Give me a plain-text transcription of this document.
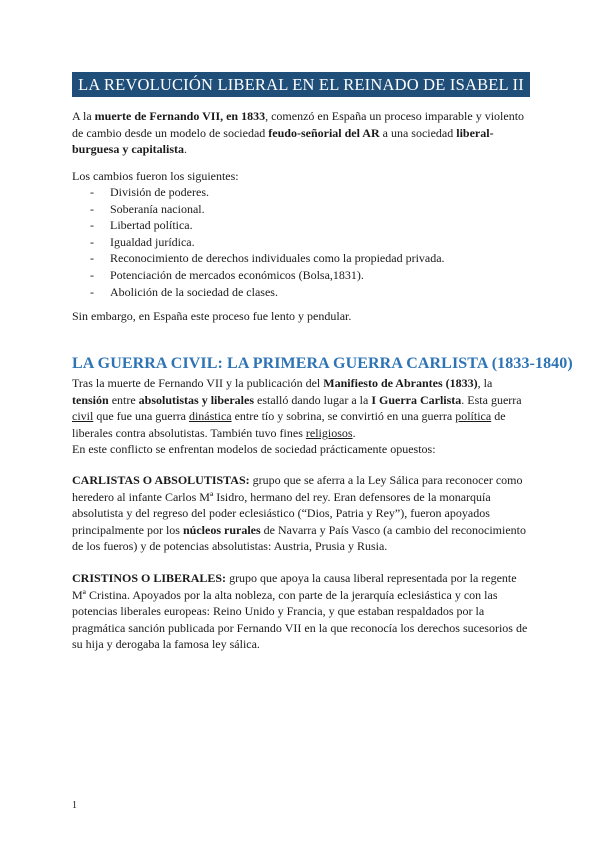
LA REVOLUCIÓN LIBERAL EN EL REINADO DE ISABEL II
A la muerte de Fernando VII, en 1833, comenzó en España un proceso imparable y violento de cambio desde un modelo de sociedad feudo-señorial del AR a una sociedad liberal-burguesa y capitalista.
Los cambios fueron los siguientes:
- División de poderes.
- Soberanía nacional.
- Libertad política.
- Igualdad jurídica.
- Reconocimiento de derechos individuales como la propiedad privada.
- Potenciación de mercados económicos (Bolsa,1831).
- Abolición de la sociedad de clases.
Sin embargo, en España este proceso fue lento y pendular.
LA GUERRA CIVIL: LA PRIMERA GUERRA CARLISTA (1833-1840)
Tras la muerte de Fernando VII y la publicación del Manifiesto de Abrantes (1833), la tensión entre absolutistas y liberales estalló dando lugar a la I Guerra Carlista. Esta guerra civil que fue una guerra dinástica entre tío y sobrina, se convirtió en una guerra política de liberales contra absolutistas. También tuvo fines religiosos.
En este conflicto se enfrentan modelos de sociedad prácticamente opuestos:
CARLISTAS O ABSOLUTISTAS: grupo que se aferra a la Ley Sálica para reconocer como heredero al infante Carlos Mª Isidro, hermano del rey. Eran defensores de la monarquía absolutista y del regreso del poder eclesiástico (“Dios, Patria y Rey”), fueron apoyados principalmente por los núcleos rurales de Navarra y País Vasco (a cambio del reconocimiento de los fueros) y de potencias absolutistas: Austria, Prusia y Rusia.
CRISTINOS O LIBERALES: grupo que apoya la causa liberal representada por la regente Mª Cristina. Apoyados por la alta nobleza, con parte de la jerarquía eclesiástica y con las potencias liberales europeas: Reino Unido y Francia, y que estaban respaldados por la pragmática sanción publicada por Fernando VII en la que reconocía los derechos sucesorios de su hija y derogaba la famosa ley sálica.
1
